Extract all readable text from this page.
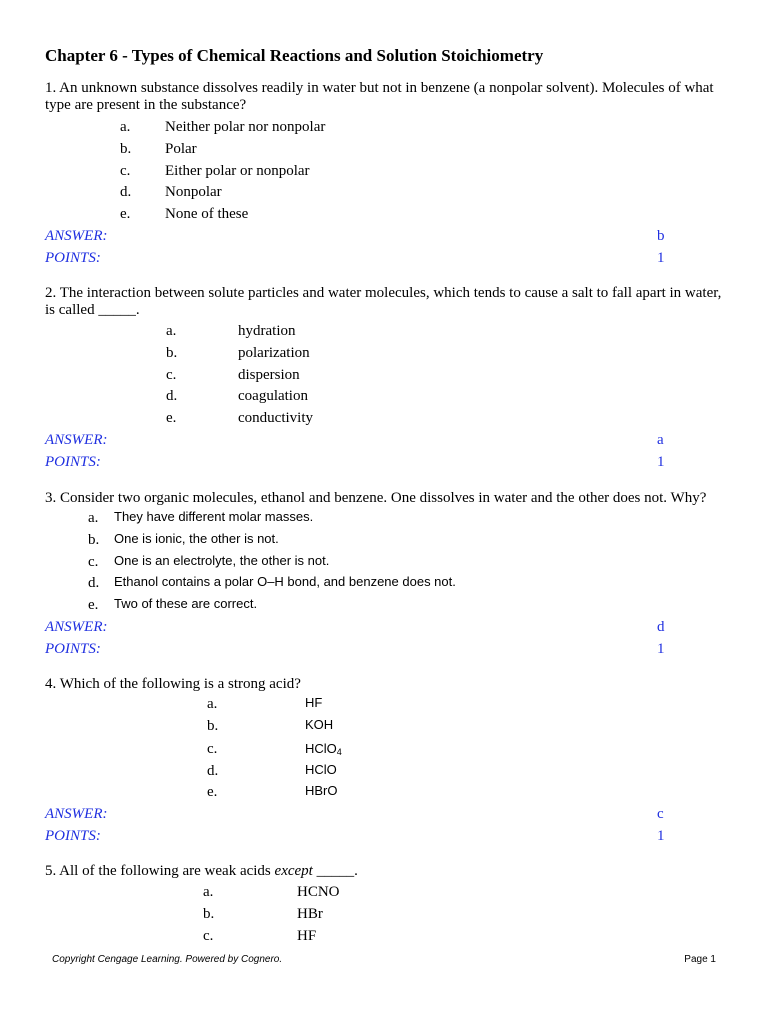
Chapter 6 - Types of Chemical Reactions and Solution Stoichiometry
1. An unknown substance dissolves readily in water but not in benzene (a nonpolar solvent). Molecules of what type are present in the substance?
a. Neither polar nor nonpolar
b. Polar
c. Either polar or nonpolar
d. Nonpolar
e. None of these
ANSWER:	b
POINTS:	1
2. The interaction between solute particles and water molecules, which tends to cause a salt to fall apart in water, is called _____.
a.	hydration
b.	polarization
c.	dispersion
d.	coagulation
e.	conductivity
ANSWER:	a
POINTS:	1
3. Consider two organic molecules, ethanol and benzene. One dissolves in water and the other does not. Why?
a. They have different molar masses.
b. One is ionic, the other is not.
c. One is an electrolyte, the other is not.
d. Ethanol contains a polar O–H bond, and benzene does not.
e. Two of these are correct.
ANSWER:	d
POINTS:	1
4. Which of the following is a strong acid?
a.	HF
b.	KOH
c.	HClO$_4$
d.	HClO
e.	HBrO
ANSWER:	c
POINTS:	1
5. All of the following are weak acids except _____.
a.	HCNO
b.	HBr
c.	HF
Copyright Cengage Learning. Powered by Cognero.	Page 1
